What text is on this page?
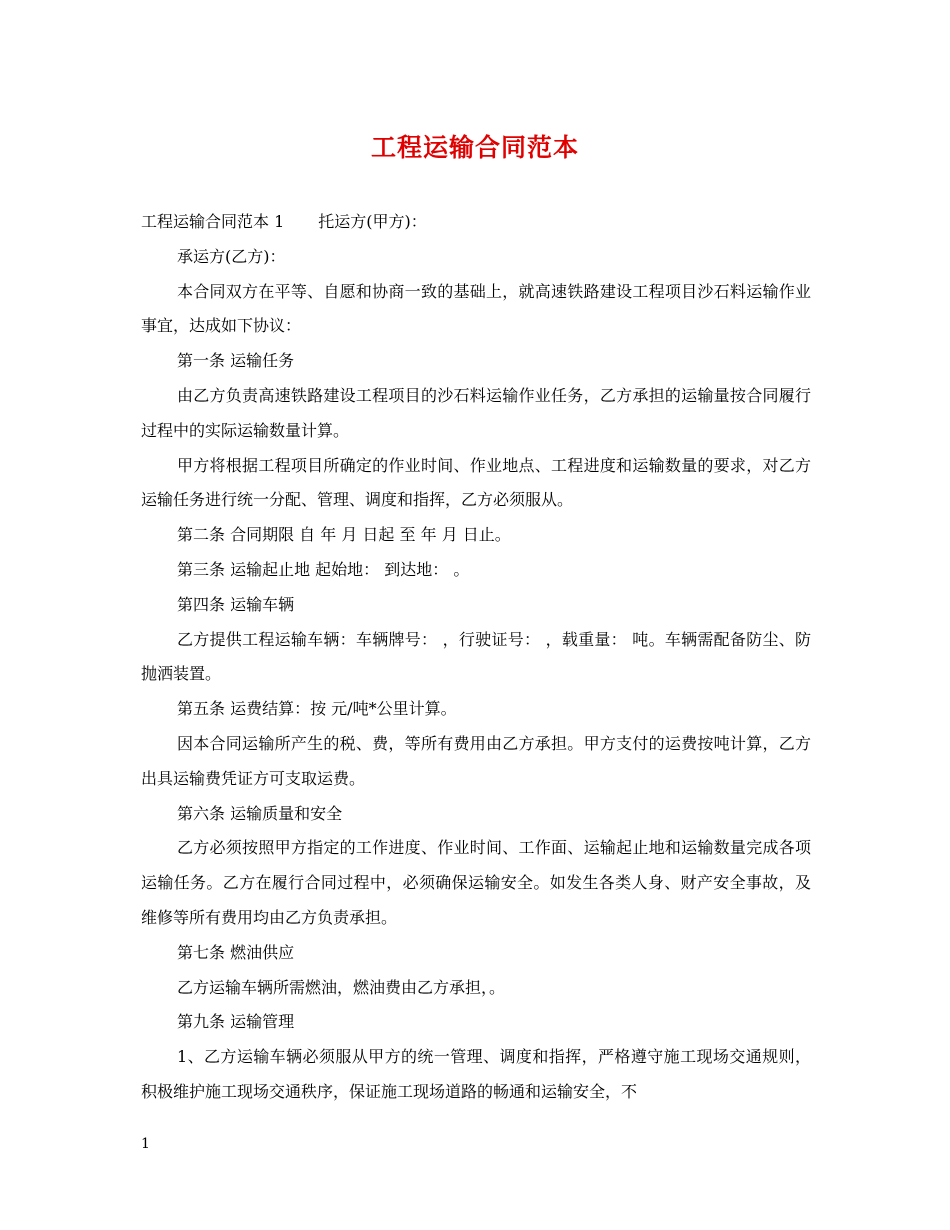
工程运输合同范本

工程运输合同范本 1 托运方(甲方)：

承运方(乙方)：

本合同双方在平等、自愿和协商一致的基础上，就高速铁路建设工程项目沙石料运输作业事宜，达成如下协议：

第一条 运输任务

由乙方负责高速铁路建设工程项目的沙石料运输作业任务，乙方承担的运输量按合同履行过程中的实际运输数量计算。

甲方将根据工程项目所确定的作业时间、作业地点、工程进度和运输数量的要求，对乙方运输任务进行统一分配、管理、调度和指挥，乙方必须服从。

第二条 合同期限 自 年 月 日起 至 年 月 日止。

第三条 运输起止地 起始地： 到达地： 。

第四条 运输车辆

乙方提供工程运输车辆：车辆牌号： ，行驶证号： ，载重量： 吨。车辆需配备防尘、防抛洒装置。

第五条 运费结算：按 元/吨*公里计算。

因本合同运输所产生的税、费，等所有费用由乙方承担。甲方支付的运费按吨计算，乙方出具运输费凭证方可支取运费。

第六条 运输质量和安全

乙方必须按照甲方指定的工作进度、作业时间、工作面、运输起止地和运输数量完成各项运输任务。乙方在履行合同过程中，必须确保运输安全。如发生各类人身、财产安全事故，及维修等所有费用均由乙方负责承担。

第七条 燃油供应

乙方运输车辆所需燃油，燃油费由乙方承担，。

第九条 运输管理

1、乙方运输车辆必须服从甲方的统一管理、调度和指挥，严格遵守施工现场交通规则，积极维护施工现场交通秩序，保证施工现场道路的畅通和运输安全，不

1
